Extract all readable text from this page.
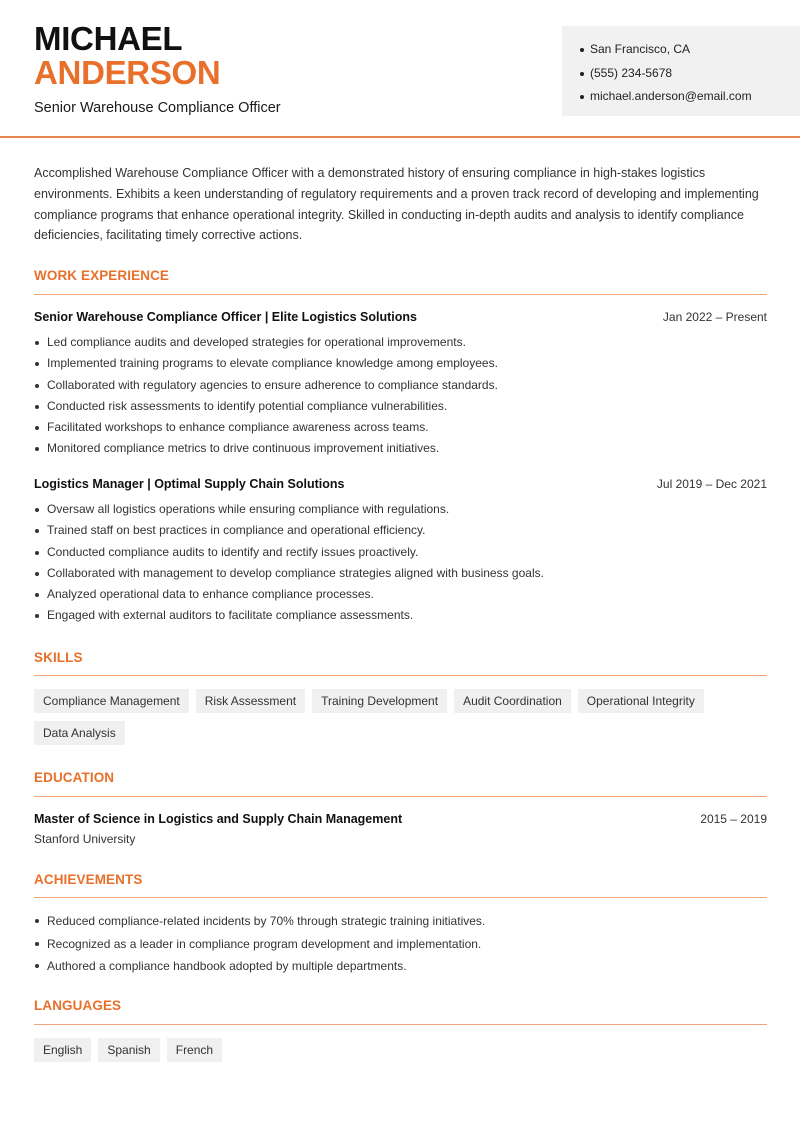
MICHAEL
ANDERSON
Senior Warehouse Compliance Officer
San Francisco, CA
(555) 234-5678
michael.anderson@email.com
Accomplished Warehouse Compliance Officer with a demonstrated history of ensuring compliance in high-stakes logistics environments. Exhibits a keen understanding of regulatory requirements and a proven track record of developing and implementing compliance programs that enhance operational integrity. Skilled in conducting in-depth audits and analysis to identify compliance deficiencies, facilitating timely corrective actions.
WORK EXPERIENCE
Senior Warehouse Compliance Officer | Elite Logistics Solutions	Jan 2022 – Present
Led compliance audits and developed strategies for operational improvements.
Implemented training programs to elevate compliance knowledge among employees.
Collaborated with regulatory agencies to ensure adherence to compliance standards.
Conducted risk assessments to identify potential compliance vulnerabilities.
Facilitated workshops to enhance compliance awareness across teams.
Monitored compliance metrics to drive continuous improvement initiatives.
Logistics Manager | Optimal Supply Chain Solutions	Jul 2019 – Dec 2021
Oversaw all logistics operations while ensuring compliance with regulations.
Trained staff on best practices in compliance and operational efficiency.
Conducted compliance audits to identify and rectify issues proactively.
Collaborated with management to develop compliance strategies aligned with business goals.
Analyzed operational data to enhance compliance processes.
Engaged with external auditors to facilitate compliance assessments.
SKILLS
Compliance Management	Risk Assessment	Training Development	Audit Coordination	Operational Integrity
Data Analysis
EDUCATION
Master of Science in Logistics and Supply Chain Management	2015 – 2019
Stanford University
ACHIEVEMENTS
Reduced compliance-related incidents by 70% through strategic training initiatives.
Recognized as a leader in compliance program development and implementation.
Authored a compliance handbook adopted by multiple departments.
LANGUAGES
English	Spanish	French
